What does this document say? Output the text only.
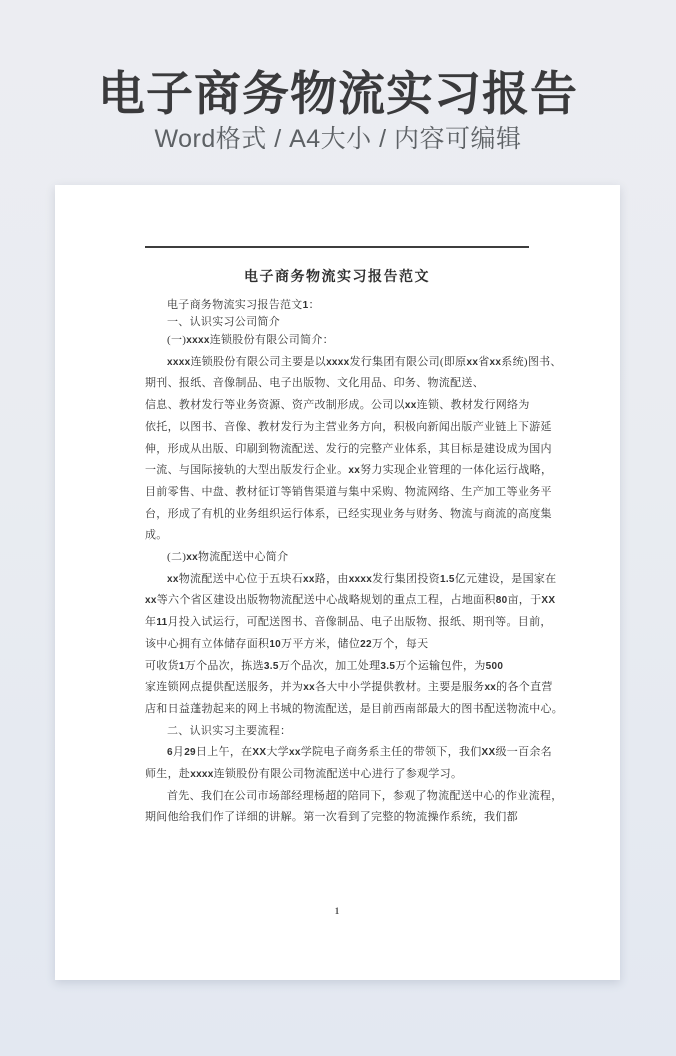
电子商务物流实习报告

Word格式 / A4大小 / 内容可编辑

电子商务物流实习报告范文
电子商务物流实习报告范文1：
一、认识实习公司简介
(一)xxxx连锁股份有限公司简介：
xxxx连锁股份有限公司主要是以xxxx发行集团有限公司(即原xx省xx系统)图书、
期刊、报纸、音像制品、电子出版物、文化用品、印务、物流配送、
信息、教材发行等业务资源、资产改制形成。公司以xx连锁、教材发行网络为
依托，以图书、音像、教材发行为主营业务方向，积极向新闻出版产业链上下游延
伸，形成从出版、印刷到物流配送、发行的完整产业体系，其目标是建设成为国内
一流、与国际接轨的大型出版发行企业。xx努力实现企业管理的一体化运行战略，
目前零售、中盘、教材征订等销售渠道与集中采购、物流网络、生产加工等业务平
台，形成了有机的业务组织运行体系，已经实现业务与财务、物流与商流的高度集
成。
(二)xx物流配送中心简介
xx物流配送中心位于五块石xx路，由xxxx发行集团投资1.5亿元建设，是国家在
xx等六个省区建设出版物物流配送中心战略规划的重点工程，占地面积80亩，于XX
年11月投入试运行，可配送图书、音像制品、电子出版物、报纸、期刊等。目前，
该中心拥有立体储存面积10万平方米，储位22万个，每天
可收货1万个品次，拣选3.5万个品次，加工处理3.5万个运输包件，为500
家连锁网点提供配送服务，并为xx各大中小学提供教材。主要是服务xx的各个直营
店和日益蓬勃起来的网上书城的物流配送，是目前西南部最大的图书配送物流中心。
二、认识实习主要流程：
6月29日上午，在XX大学xx学院电子商务系主任的带领下，我们XX级一百余名
师生，赴xxxx连锁股份有限公司物流配送中心进行了参观学习。
首先、我们在公司市场部经理杨超的陪同下，参观了物流配送中心的作业流程，
期间他给我们作了详细的讲解。第一次看到了完整的物流操作系统，我们都
1
